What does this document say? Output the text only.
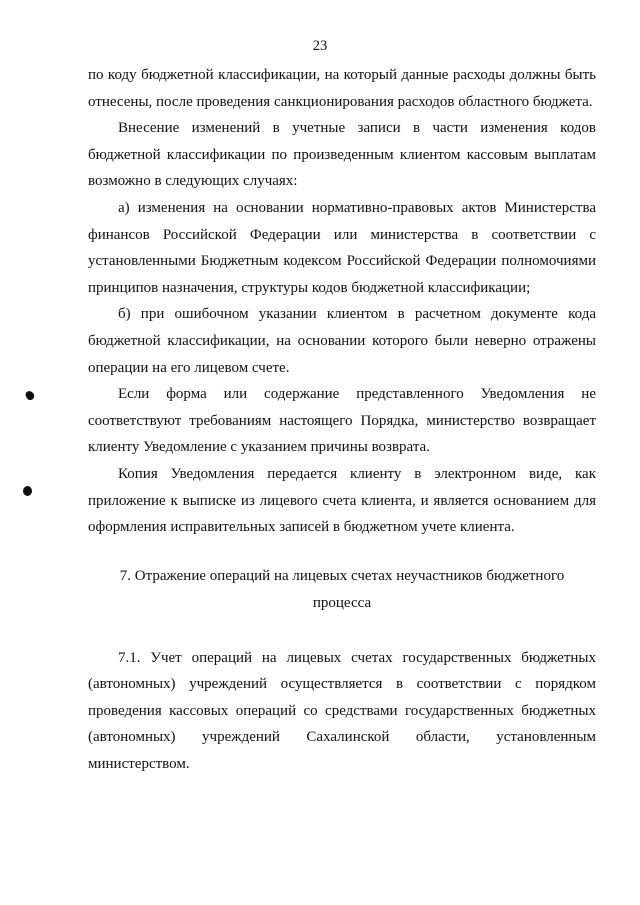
23

по коду бюджетной классификации, на который данные расходы должны быть отнесены, после проведения санкционирования расходов областного бюджета.

Внесение изменений в учетные записи в части изменения кодов бюджетной классификации по произведенным клиентом кассовым выплатам возможно в следующих случаях:

а) изменения на основании нормативно-правовых актов Министерства финансов Российской Федерации или министерства в соответствии с установленными Бюджетным кодексом Российской Федерации полномочиями принципов назначения, структуры кодов бюджетной классификации;

б) при ошибочном указании клиентом в расчетном документе кода бюджетной классификации, на основании которого были неверно отражены операции на его лицевом счете.

Если форма или содержание представленного Уведомления не соответствуют требованиям настоящего Порядка, министерство возвращает клиенту Уведомление с указанием причины возврата.

Копия Уведомления передается клиенту в электронном виде, как приложение к выписке из лицевого счета клиента, и является основанием для оформления исправительных записей в бюджетном учете клиента.

7. Отражение операций на лицевых счетах неучастников бюджетного
процесса

7.1. Учет операций на лицевых счетах государственных бюджетных (автономных) учреждений осуществляется в соответствии с порядком проведения кассовых операций со средствами государственных бюджетных (автономных) учреждений Сахалинской области, установленным министерством.
